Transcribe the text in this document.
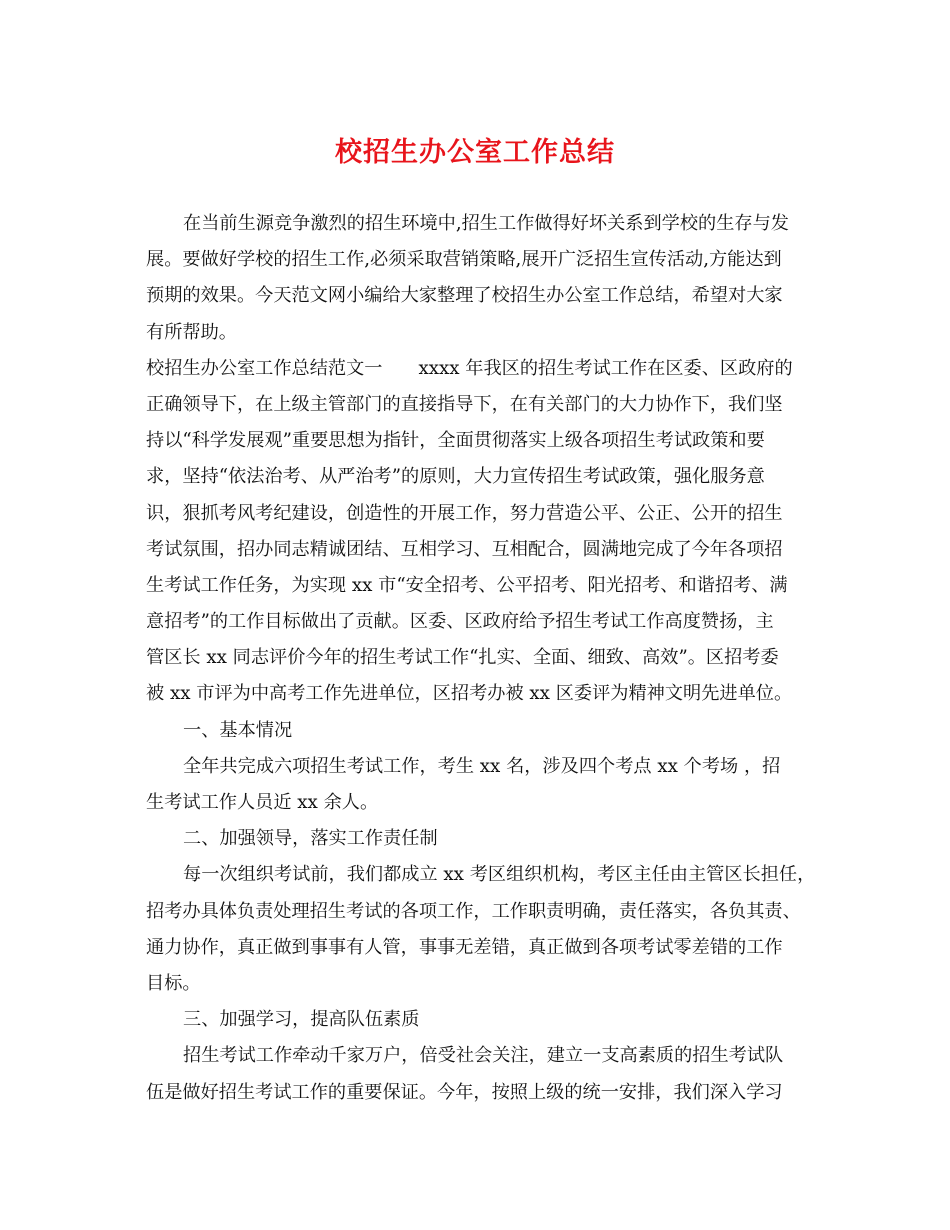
校招生办公室工作总结
在当前生源竞争激烈的招生环境中,招生工作做得好坏关系到学校的生存与发
展。要做好学校的招生工作,必须采取营销策略,展开广泛招生宣传活动,方能达到
预期的效果。今天范文网小编给大家整理了校招生办公室工作总结，希望对大家
有所帮助。
校招生办公室工作总结范文一 xxxx 年我区的招生考试工作在区委、区政府的
正确领导下，在上级主管部门的直接指导下，在有关部门的大力协作下，我们坚
持以“科学发展观”重要思想为指针，全面贯彻落实上级各项招生考试政策和要
求，坚持“依法治考、从严治考”的原则，大力宣传招生考试政策，强化服务意
识，狠抓考风考纪建设，创造性的开展工作，努力营造公平、公正、公开的招生
考试氛围，招办同志精诚团结、互相学习、互相配合，圆满地完成了今年各项招
生考试工作任务，为实现 xx 市“安全招考、公平招考、阳光招考、和谐招考、满
意招考”的工作目标做出了贡献。区委、区政府给予招生考试工作高度赞扬，主
管区长 xx 同志评价今年的招生考试工作“扎实、全面、细致、高效”。区招考委
被 xx 市评为中高考工作先进单位，区招考办被 xx 区委评为精神文明先进单位。
一、基本情况
全年共完成六项招生考试工作，考生 xx 名，涉及四个考点 xx 个考场 ，招
生考试工作人员近 xx 余人。
二、加强领导，落实工作责任制
每一次组织考试前，我们都成立 xx 考区组织机构，考区主任由主管区长担任，
招考办具体负责处理招生考试的各项工作，工作职责明确，责任落实，各负其责、
通力协作，真正做到事事有人管，事事无差错，真正做到各项考试零差错的工作
目标。
三、加强学习，提高队伍素质
招生考试工作牵动千家万户，倍受社会关注，建立一支高素质的招生考试队
伍是做好招生考试工作的重要保证。今年，按照上级的统一安排，我们深入学习
